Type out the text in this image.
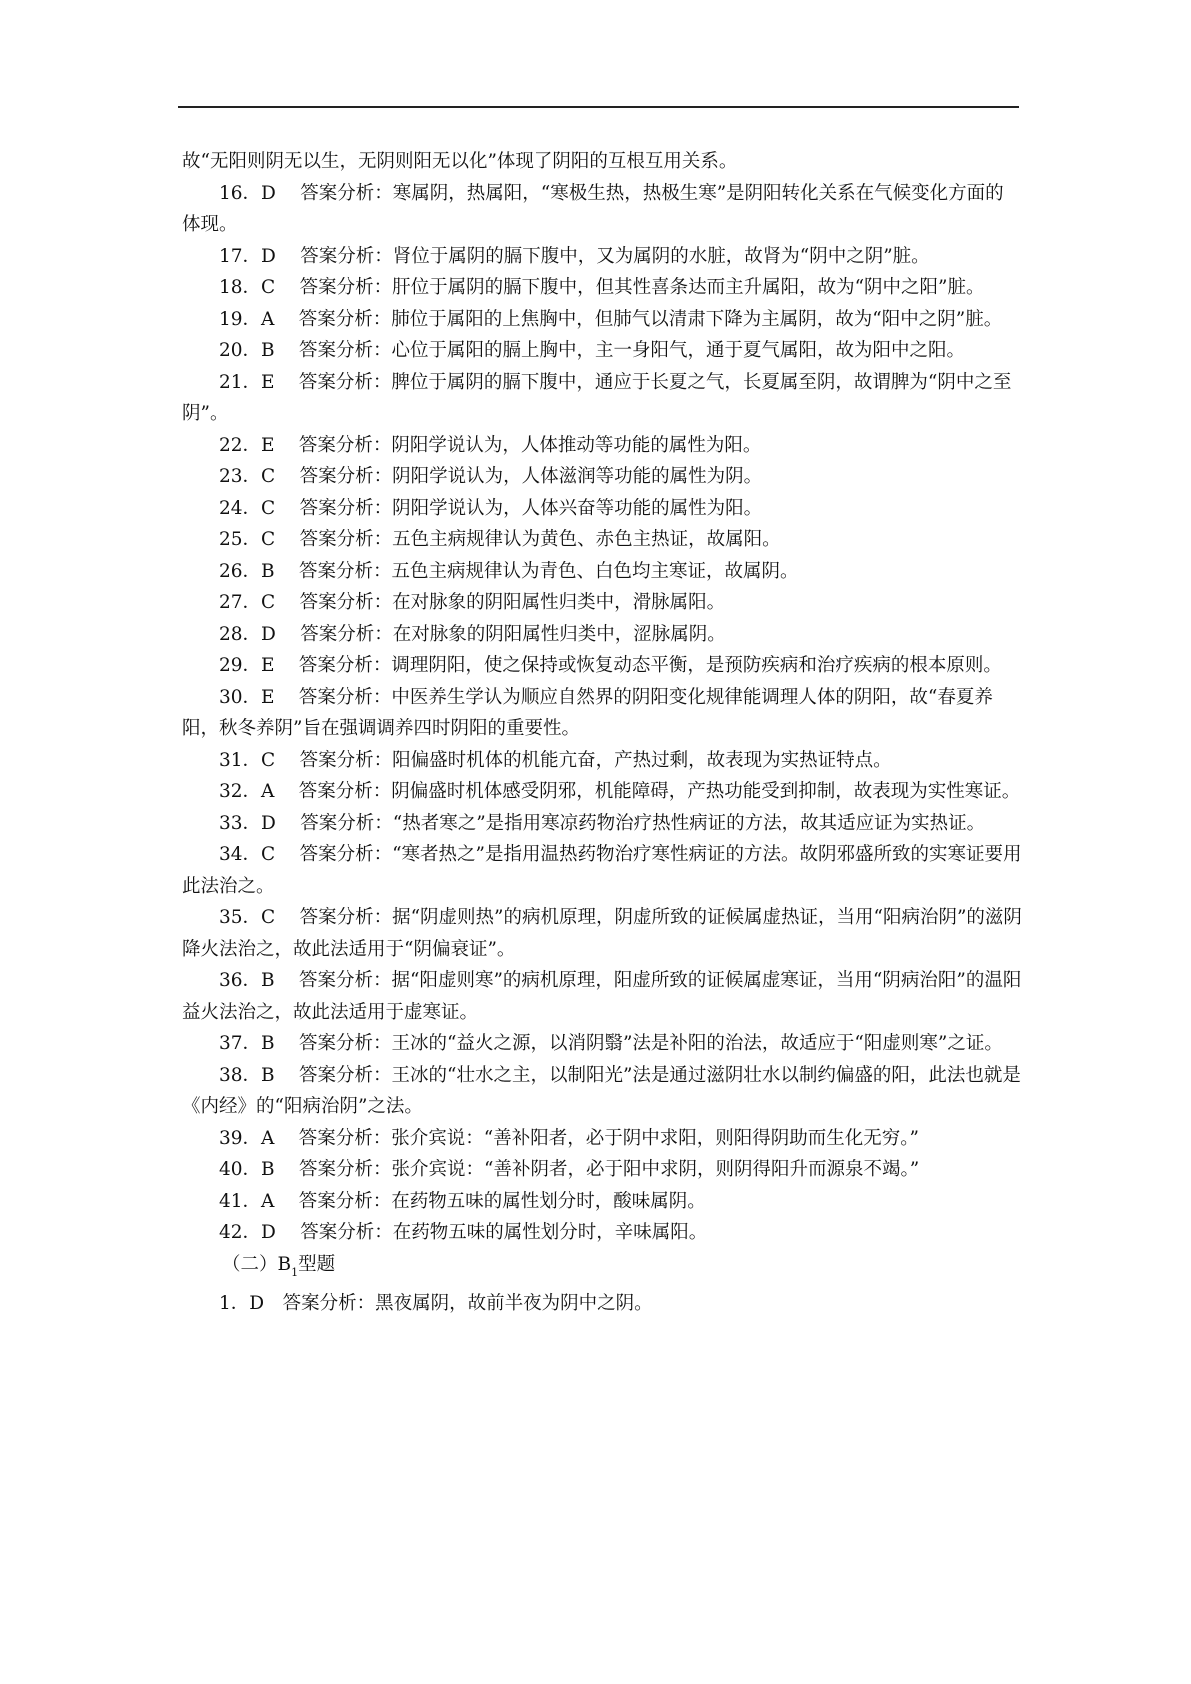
故“无阳则阴无以生，无阴则阳无以化”体现了阴阳的互根互用关系。

16．D　 答案分析：寒属阴，热属阳，“寒极生热，热极生寒”是阴阳转化关系在气候变化方面的体现。

17．D　 答案分析：肾位于属阴的膈下腹中，又为属阴的水脏，故肾为“阴中之阴”脏。

18．C　 答案分析：肝位于属阴的膈下腹中，但其性喜条达而主升属阳，故为“阴中之阳”脏。

19．A　 答案分析：肺位于属阳的上焦胸中，但肺气以清肃下降为主属阴，故为“阳中之阴”脏。

20．B　 答案分析：心位于属阳的膈上胸中，主一身阳气，通于夏气属阳，故为阳中之阳。

21．E　 答案分析：脾位于属阴的膈下腹中，通应于长夏之气，长夏属至阴，故谓脾为“阴中之至阴”。

22．E　 答案分析：阴阳学说认为，人体推动等功能的属性为阳。

23．C　 答案分析：阴阳学说认为，人体滋润等功能的属性为阴。

24．C　 答案分析：阴阳学说认为，人体兴奋等功能的属性为阳。

25．C　 答案分析：五色主病规律认为黄色、赤色主热证，故属阳。

26．B　 答案分析：五色主病规律认为青色、白色均主寒证，故属阴。

27．C　 答案分析：在对脉象的阴阳属性归类中，滑脉属阳。

28．D　 答案分析：在对脉象的阴阳属性归类中，涩脉属阴。

29．E　 答案分析：调理阴阳，使之保持或恢复动态平衡，是预防疾病和治疗疾病的根本原则。

30．E　 答案分析：中医养生学认为顺应自然界的阴阳变化规律能调理人体的阴阳，故“春夏养阳，秋冬养阴”旨在强调调养四时阴阳的重要性。

31．C　 答案分析：阳偏盛时机体的机能亢奋，产热过剩，故表现为实热证特点。

32．A　 答案分析：阴偏盛时机体感受阴邪，机能障碍，产热功能受到抑制，故表现为实性寒证。

33．D　 答案分析：“热者寒之”是指用寒凉药物治疗热性病证的方法，故其适应证为实热证。

34．C　 答案分析：“寒者热之”是指用温热药物治疗寒性病证的方法。故阴邪盛所致的实寒证要用此法治之。

35．C　 答案分析：据“阴虚则热”的病机原理，阴虚所致的证候属虚热证，当用“阳病治阴”的滋阴降火法治之，故此法适用于“阴偏衰证”。

36．B　 答案分析：据“阳虚则寒”的病机原理，阳虚所致的证候属虚寒证，当用“阴病治阳”的温阳益火法治之，故此法适用于虚寒证。

37．B　 答案分析：王冰的“益火之源，以消阴翳”法是补阳的治法，故适应于“阳虚则寒”之证。

38．B　 答案分析：王冰的“壮水之主，以制阳光”法是通过滋阴壮水以制约偏盛的阳，此法也就是《内经》的“阳病治阴”之法。

39．A　 答案分析：张介宾说：“善补阳者，必于阴中求阳，则阳得阴助而生化无穷。”

40．B　 答案分析：张介宾说：“善补阴者，必于阳中求阴，则阴得阳升而源泉不竭。”

41．A　 答案分析：在药物五味的属性划分时，酸味属阴。

42．D　 答案分析：在药物五味的属性划分时，辛味属阳。

（二）$B_1$型题

1．D　答案分析：黑夜属阴，故前半夜为阴中之阴。
